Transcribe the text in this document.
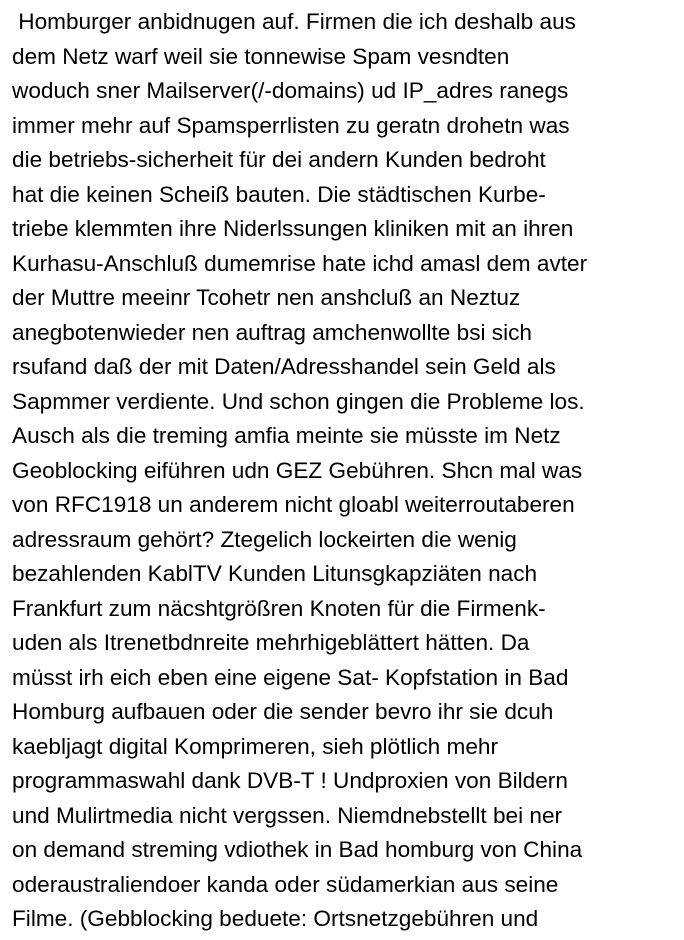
Homburger anbidnugen auf. Firmen die ich deshalb aus
dem Netz warf weil sie tonnewise Spam vesndten
woduch sner Mailserver(/-domains) ud IP_adres ranegs
immer mehr auf Spamsperrlisten zu geratn drohetn was
die betriebs-sicherheit für dei andern Kunden bedroht
hat die keinen Scheiß bauten. Die städtischen Kurbe-
triebe klemmten ihre Niderlssungen kliniken mit an ihren
Kurhasu-Anschluß dumemrise hate ichd amasl dem avter
der Muttre meeinr Tcohetr nen anshcluß an Neztuz
anegbotenwieder nen auftrag amchenwollte bsi sich
rsufand daß der mit Daten/Adresshandel sein Geld als
Sapmmer verdiente. Und schon gingen die Probleme los.
Ausch als die treming amfia meinte sie müsste im Netz
Geoblocking eiführen udn GEZ Gebühren. Shcn mal was
von RFC1918 un anderem nicht gloabl weiterroutaberen
adressraum gehört? Ztegelich lockeirten die wenig
bezahlenden KablTV Kunden Litunsgkapziäten nach
Frankfurt zum näcshtgrößren Knoten für die Firmenk-
uden als Itrenetbdnreite mehrhigeblättert hätten. Da
müsst irh eich eben eine eigene Sat- Kopfstation in Bad
Homburg aufbauen oder die sender bevro ihr sie dcuh
kaebljagt digital Komprimeren, sieh plötlich mehr
programmaswahl dank DVB-T ! Undproxien von Bildern
und Mulirtmedia nicht vergssen. Niemdnebstellt bei ner
on demand streming vdiothek in Bad homburg von China
oderaustraliendoer kanda oder südamerkian aus seine
Filme. (Gebblocking beduete: Ortsnetzgebühren und
